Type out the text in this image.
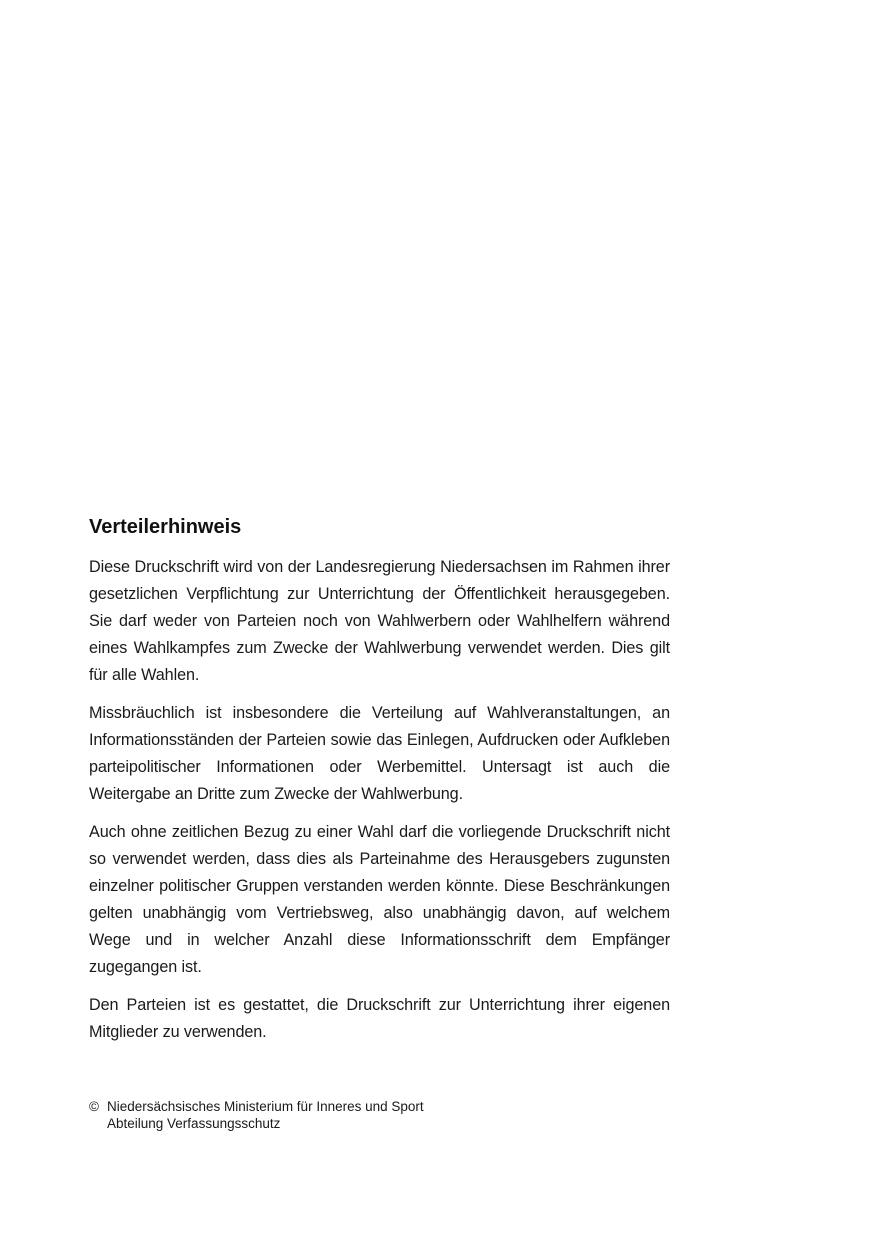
Verteilerhinweis

Diese Druckschrift wird von der Landesregierung Niedersachsen im Rahmen ihrer gesetzlichen Verpflichtung zur Unterrichtung der Öffentlichkeit herausgegeben. Sie darf weder von Parteien noch von Wahlwerbern oder Wahlhelfern während eines Wahlkampfes zum Zwecke der Wahlwerbung verwendet werden. Dies gilt für alle Wahlen.

Missbräuchlich ist insbesondere die Verteilung auf Wahlveranstaltungen, an Informationsständen der Parteien sowie das Einlegen, Aufdrucken oder Aufkleben parteipolitischer Informationen oder Werbemittel. Untersagt ist auch die Weitergabe an Dritte zum Zwecke der Wahlwerbung.

Auch ohne zeitlichen Bezug zu einer Wahl darf die vorliegende Druckschrift nicht so verwendet werden, dass dies als Parteinahme des Herausgebers zugunsten einzelner politischer Gruppen verstanden werden könnte. Diese Beschränkungen gelten unabhängig vom Vertriebsweg, also unabhängig davon, auf welchem Wege und in welcher Anzahl diese Informationsschrift dem Empfänger zugegangen ist.

Den Parteien ist es gestattet, die Druckschrift zur Unterrichtung ihrer eigenen Mitglieder zu verwenden.

© Niedersächsisches Ministerium für Inneres und Sport
Abteilung Verfassungsschutz
